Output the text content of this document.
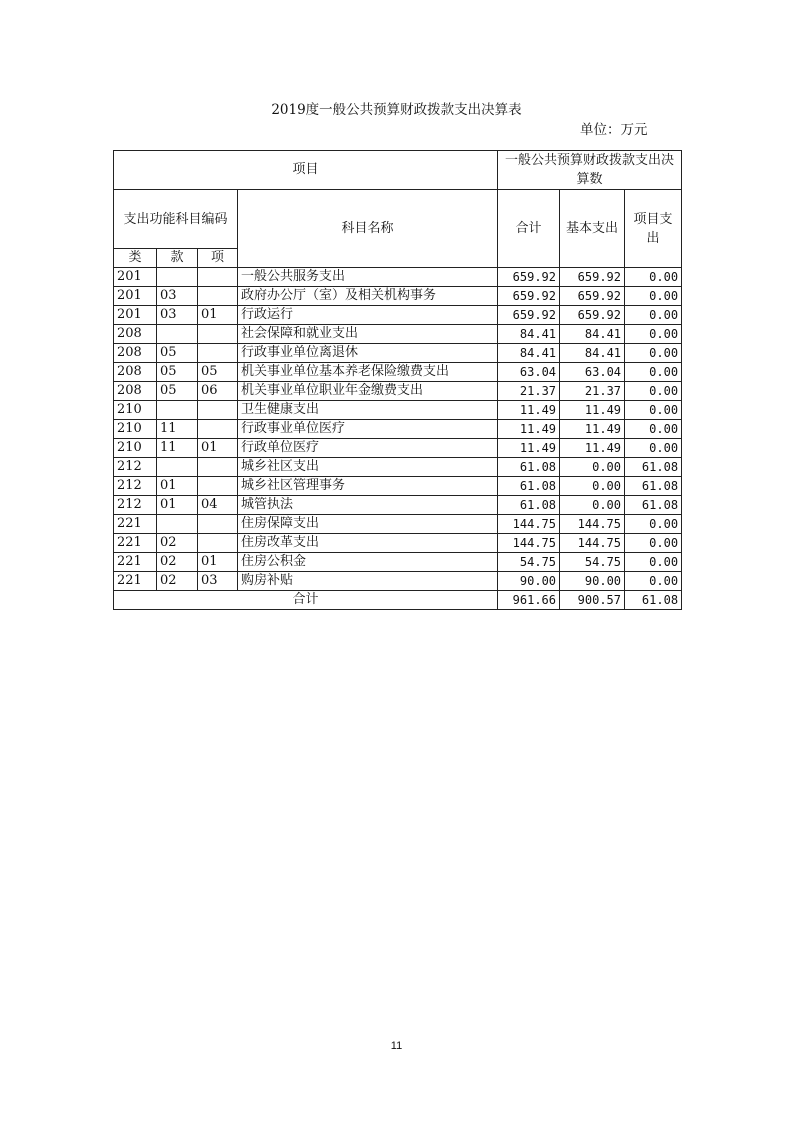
2019度一般公共预算财政拨款支出决算表
单位：万元
项目				一般公共预算财政拨款支出决算数		
支出功能科目编码			科目名称	合计	基本支出	项目支出
类	款	项				
201			一般公共服务支出	659.92	659.92	0.00
201	03		政府办公厅（室）及相关机构事务	659.92	659.92	0.00
201	03	01	行政运行	659.92	659.92	0.00
208			社会保障和就业支出	84.41	84.41	0.00
208	05		行政事业单位离退休	84.41	84.41	0.00
208	05	05	机关事业单位基本养老保险缴费支出	63.04	63.04	0.00
208	05	06	机关事业单位职业年金缴费支出	21.37	21.37	0.00
210			卫生健康支出	11.49	11.49	0.00
210	11		行政事业单位医疗	11.49	11.49	0.00
210	11	01	行政单位医疗	11.49	11.49	0.00
212			城乡社区支出	61.08	0.00	61.08
212	01		城乡社区管理事务	61.08	0.00	61.08
212	01	04	城管执法	61.08	0.00	61.08
221			住房保障支出	144.75	144.75	0.00
221	02		住房改革支出	144.75	144.75	0.00
221	02	01	住房公积金	54.75	54.75	0.00
221	02	03	购房补贴	90.00	90.00	0.00
合计				961.66	900.57	61.08
11
